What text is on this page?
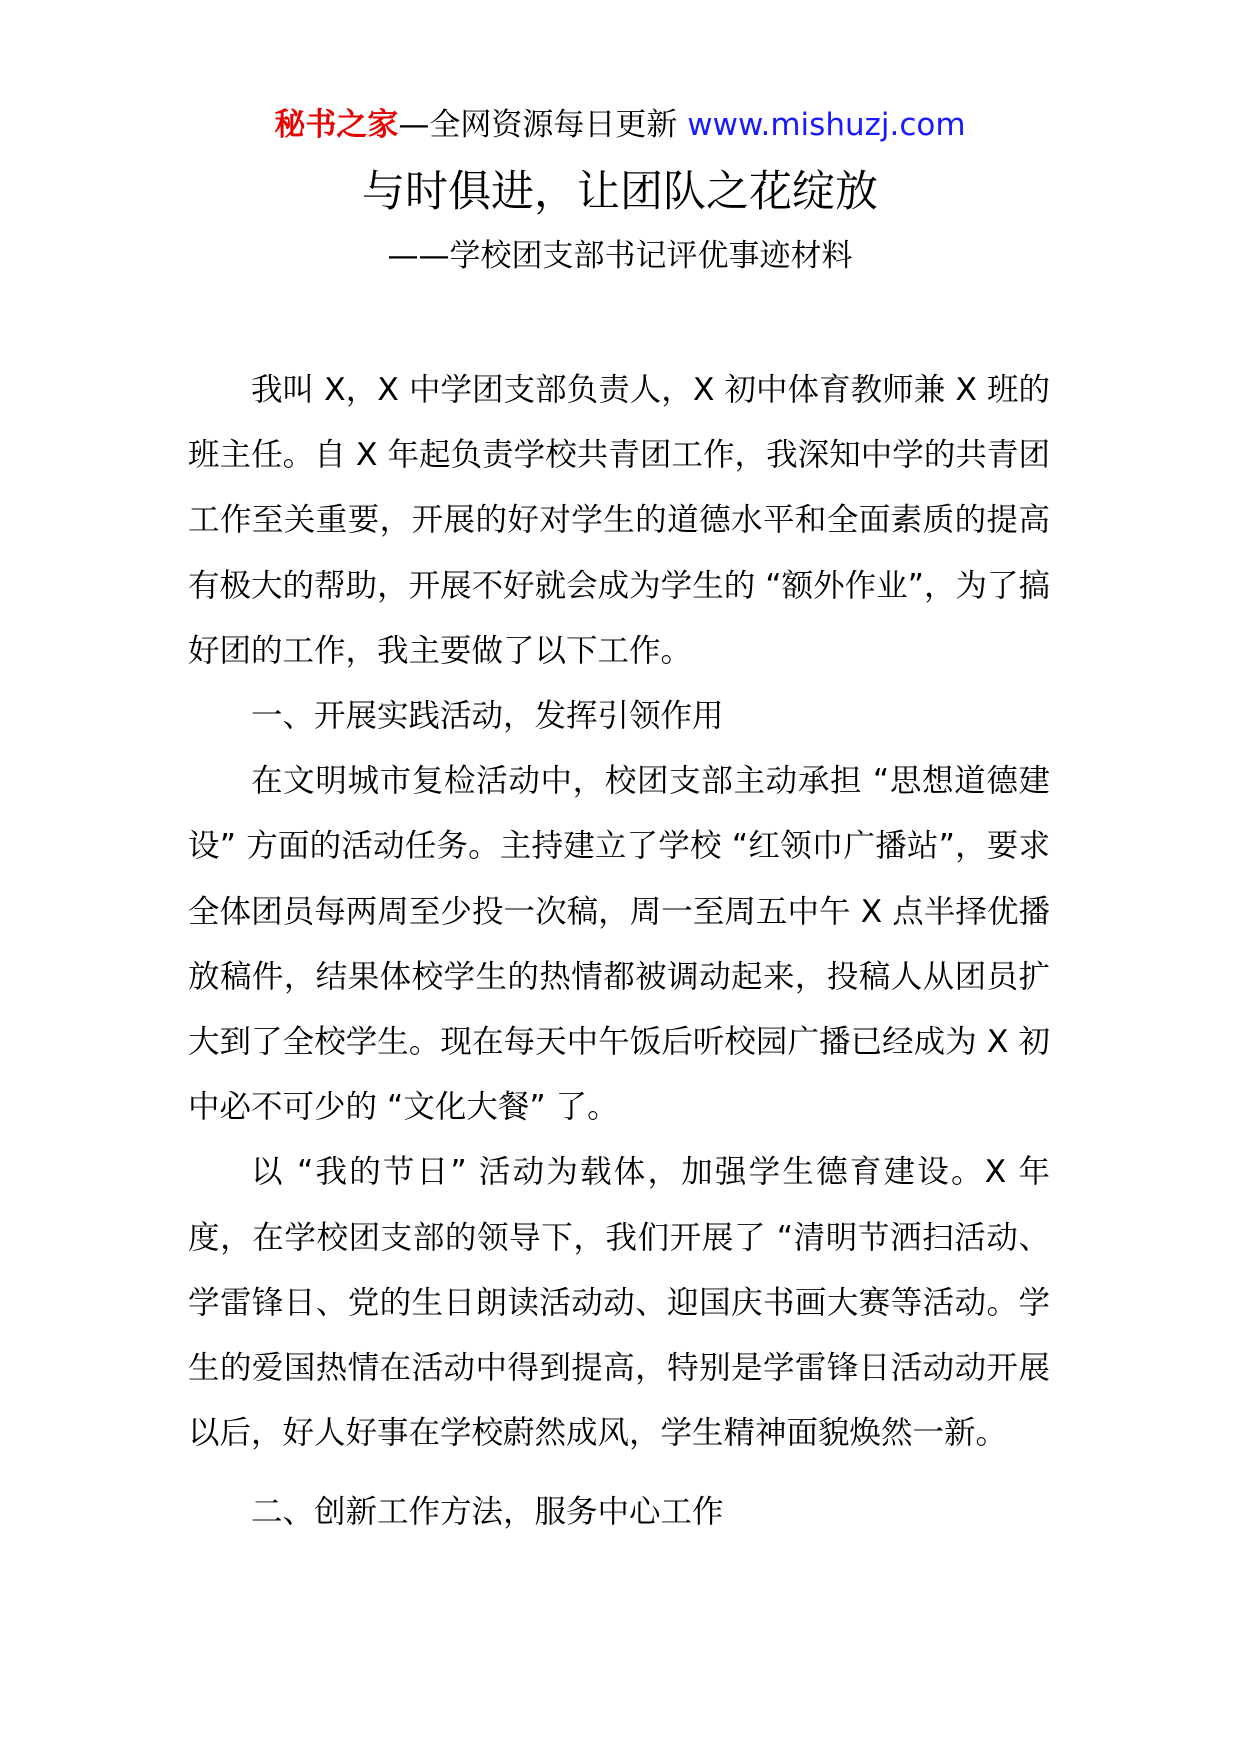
秘书之家—全网资源每日更新 www.mishuzj.com
与时俱进，让团队之花绽放
——学校团支部书记评优事迹材料

我叫 X，X 中学团支部负责人，X 初中体育教师兼 X 班的班主任。自 X 年起负责学校共青团工作，我深知中学的共青团工作至关重要，开展的好对学生的道德水平和全面素质的提高有极大的帮助，开展不好就会成为学生的 “额外作业”，为了搞好团的工作，我主要做了以下工作。

一、开展实践活动，发挥引领作用

在文明城市复检活动中，校团支部主动承担 “思想道德建设” 方面的活动任务。主持建立了学校 “红领巾广播站”，要求全体团员每两周至少投一次稿，周一至周五中午 X 点半择优播放稿件，结果体校学生的热情都被调动起来，投稿人从团员扩大到了全校学生。现在每天中午饭后听校园广播已经成为 X 初中必不可少的 “文化大餐” 了。

以 “我的节日” 活动为载体，加强学生德育建设。X 年度，在学校团支部的领导下，我们开展了 “清明节洒扫活动、学雷锋日、党的生日朗读活动动、迎国庆书画大赛等活动。学生的爱国热情在活动中得到提高，特别是学雷锋日活动动开展以后，好人好事在学校蔚然成风，学生精神面貌焕然一新。

二、创新工作方法，服务中心工作
